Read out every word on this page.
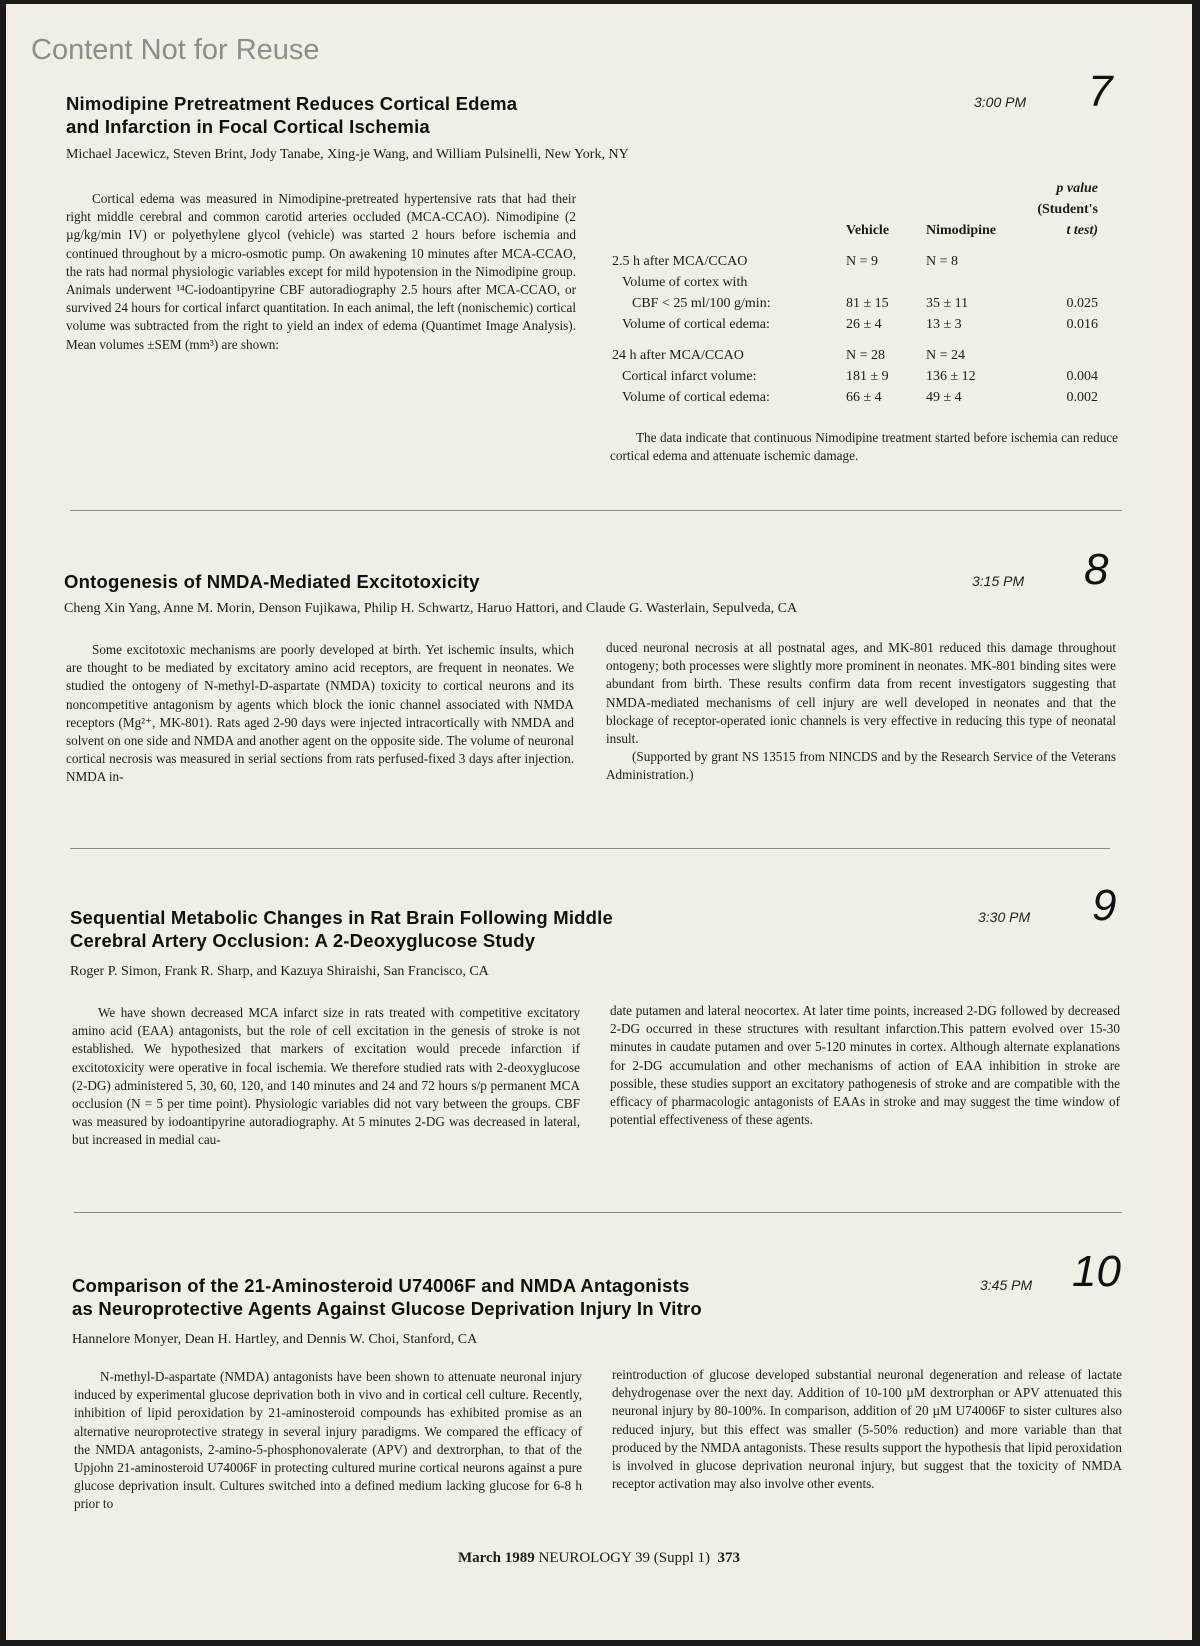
Content Not for Reuse
Nimodipine Pretreatment Reduces Cortical Edema
and Infarction in Focal Cortical Ischemia
3:00 PM 7
Michael Jacewicz, Steven Brint, Jody Tanabe, Xing-je Wang, and William Pulsinelli, New York, NY

Cortical edema was measured in Nimodipine-pretreated hypertensive rats that had their right middle cerebral and common carotid arteries occluded (MCA-CCAO). Nimodipine (2 µg/kg/min IV) or polyethylene glycol (vehicle) was started 2 hours before ischemia and continued throughout by a micro-osmotic pump. On awakening 10 minutes after MCA-CCAO, the rats had normal physiologic variables except for mild hypotension in the Nimodipine group. Animals underwent ¹⁴C-iodoantipyrine CBF autoradiography 2.5 hours after MCA-CCAO, or survived 24 hours for cortical infarct quantitation. In each animal, the left (nonischemic) cortical volume was subtracted from the right to yield an index of edema (Quantimet Image Analysis). Mean volumes ±SEM (mm³) are shown:

			p value
			(Student's
	Vehicle	Nimodipine	t test)

2.5 h after MCA/CCAO	N = 9	N = 8	
Volume of cortex with			
CBF < 25 ml/100 g/min:	81 ± 15	35 ± 11	0.025
Volume of cortical edema:	26 ± 4	13 ± 3	0.016

24 h after MCA/CCAO	N = 28	N = 24	
Cortical infarct volume:	181 ± 9	136 ± 12	0.004
Volume of cortical edema:	66 ± 4	49 ± 4	0.002

The data indicate that continuous Nimodipine treatment started before ischemia can reduce cortical edema and attenuate ischemic damage.

Ontogenesis of NMDA-Mediated Excitotoxicity	3:15 PM 8
Cheng Xin Yang, Anne M. Morin, Denson Fujikawa, Philip H. Schwartz, Haruo Hattori, and Claude G. Wasterlain, Sepulveda, CA

Some excitotoxic mechanisms are poorly developed at birth. Yet ischemic insults, which are thought to be mediated by excitatory amino acid receptors, are frequent in neonates. We studied the ontogeny of N-methyl-D-aspartate (NMDA) toxicity to cortical neurons and its noncompetitive antagonism by agents which block the ionic channel associated with NMDA receptors (Mg²⁺, MK-801). Rats aged 2-90 days were injected intracortically with NMDA and solvent on one side and NMDA and another agent on the opposite side. The volume of neuronal cortical necrosis was measured in serial sections from rats perfused-fixed 3 days after injection. NMDA in-

duced neuronal necrosis at all postnatal ages, and MK-801 reduced this damage throughout ontogeny; both processes were slightly more prominent in neonates. MK-801 binding sites were abundant from birth. These results confirm data from recent investigators suggesting that NMDA-mediated mechanisms of cell injury are well developed in neonates and that the blockage of receptor-operated ionic channels is very effective in reducing this type of neonatal insult.

(Supported by grant NS 13515 from NINCDS and by the Research Service of the Veterans Administration.)

Sequential Metabolic Changes in Rat Brain Following Middle
Cerebral Artery Occlusion: A 2-Deoxyglucose Study
3:30 PM 9
Roger P. Simon, Frank R. Sharp, and Kazuya Shiraishi, San Francisco, CA

We have shown decreased MCA infarct size in rats treated with competitive excitatory amino acid (EAA) antagonists, but the role of cell excitation in the genesis of stroke is not established. We hypothesized that markers of excitation would precede infarction if excitotoxicity were operative in focal ischemia. We therefore studied rats with 2-deoxyglucose (2-DG) administered 5, 30, 60, 120, and 140 minutes and 24 and 72 hours s/p permanent MCA occlusion (N = 5 per time point). Physiologic variables did not vary between the groups. CBF was measured by iodoantipyrine autoradiography. At 5 minutes 2-DG was decreased in lateral, but increased in medial cau-

date putamen and lateral neocortex. At later time points, increased 2-DG followed by decreased 2-DG occurred in these structures with resultant infarction.This pattern evolved over 15-30 minutes in caudate putamen and over 5-120 minutes in cortex. Although alternate explanations for 2-DG accumulation and other mechanisms of action of EAA inhibition in stroke are possible, these studies support an excitatory pathogenesis of stroke and are compatible with the efficacy of pharmacologic antagonists of EAAs in stroke and may suggest the time window of potential effectiveness of these agents.

Comparison of the 21-Aminosteroid U74006F and NMDA Antagonists
as Neuroprotective Agents Against Glucose Deprivation Injury In Vitro
3:45 PM 10
Hannelore Monyer, Dean H. Hartley, and Dennis W. Choi, Stanford, CA

N-methyl-D-aspartate (NMDA) antagonists have been shown to attenuate neuronal injury induced by experimental glucose deprivation both in vivo and in cortical cell culture. Recently, inhibition of lipid peroxidation by 21-aminosteroid compounds has exhibited promise as an alternative neuroprotective strategy in several injury paradigms. We compared the efficacy of the NMDA antagonists, 2-amino-5-phosphonovalerate (APV) and dextrorphan, to that of the Upjohn 21-aminosteroid U74006F in protecting cultured murine cortical neurons against a pure glucose deprivation insult. Cultures switched into a defined medium lacking glucose for 6-8 h prior to

reintroduction of glucose developed substantial neuronal degeneration and release of lactate dehydrogenase over the next day. Addition of 10-100 µM dextrorphan or APV attenuated this neuronal injury by 80-100%. In comparison, addition of 20 µM U74006F to sister cultures also reduced injury, but this effect was smaller (5-50% reduction) and more variable than that produced by the NMDA antagonists. These results support the hypothesis that lipid peroxidation is involved in glucose deprivation neuronal injury, but suggest that the toxicity of NMDA receptor activation may also involve other events.

March 1989 NEUROLOGY 39 (Suppl 1) 373
